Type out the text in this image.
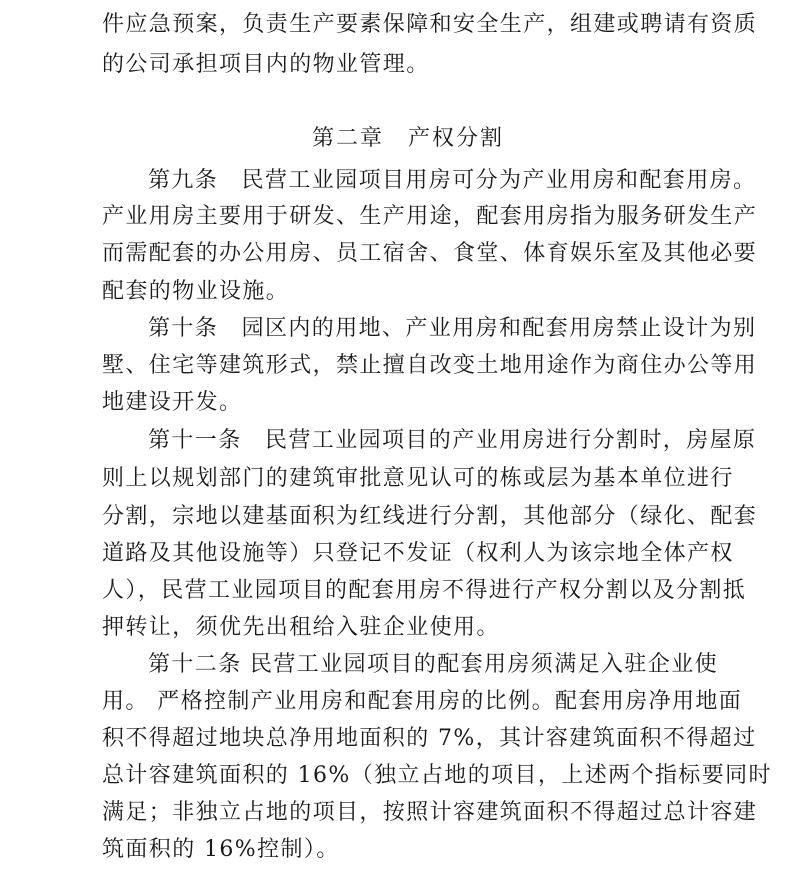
件应急预案，负责生产要素保障和安全生产，组建或聘请有资质
的公司承担项目内的物业管理。
第二章　产权分割
第九条　民营工业园项目用房可分为产业用房和配套用房。
产业用房主要用于研发、生产用途，配套用房指为服务研发生产
而需配套的办公用房、员工宿舍、食堂、体育娱乐室及其他必要
配套的物业设施。
第十条　园区内的用地、产业用房和配套用房禁止设计为别
墅、住宅等建筑形式，禁止擅自改变土地用途作为商住办公等用
地建设开发。
第十一条　民营工业园项目的产业用房进行分割时，房屋原
则上以规划部门的建筑审批意见认可的栋或层为基本单位进行
分割，宗地以建基面积为红线进行分割，其他部分（绿化、配套
道路及其他设施等）只登记不发证（权利人为该宗地全体产权
人），民营工业园项目的配套用房不得进行产权分割以及分割抵
押转让，须优先出租给入驻企业使用。
第十二条 民营工业园项目的配套用房须满足入驻企业使
用。 严格控制产业用房和配套用房的比例。配套用房净用地面
积不得超过地块总净用地面积的 7%，其计容建筑面积不得超过
总计容建筑面积的 16%（独立占地的项目，上述两个指标要同时
满足；非独立占地的项目，按照计容建筑面积不得超过总计容建
筑面积的 16%控制）。
